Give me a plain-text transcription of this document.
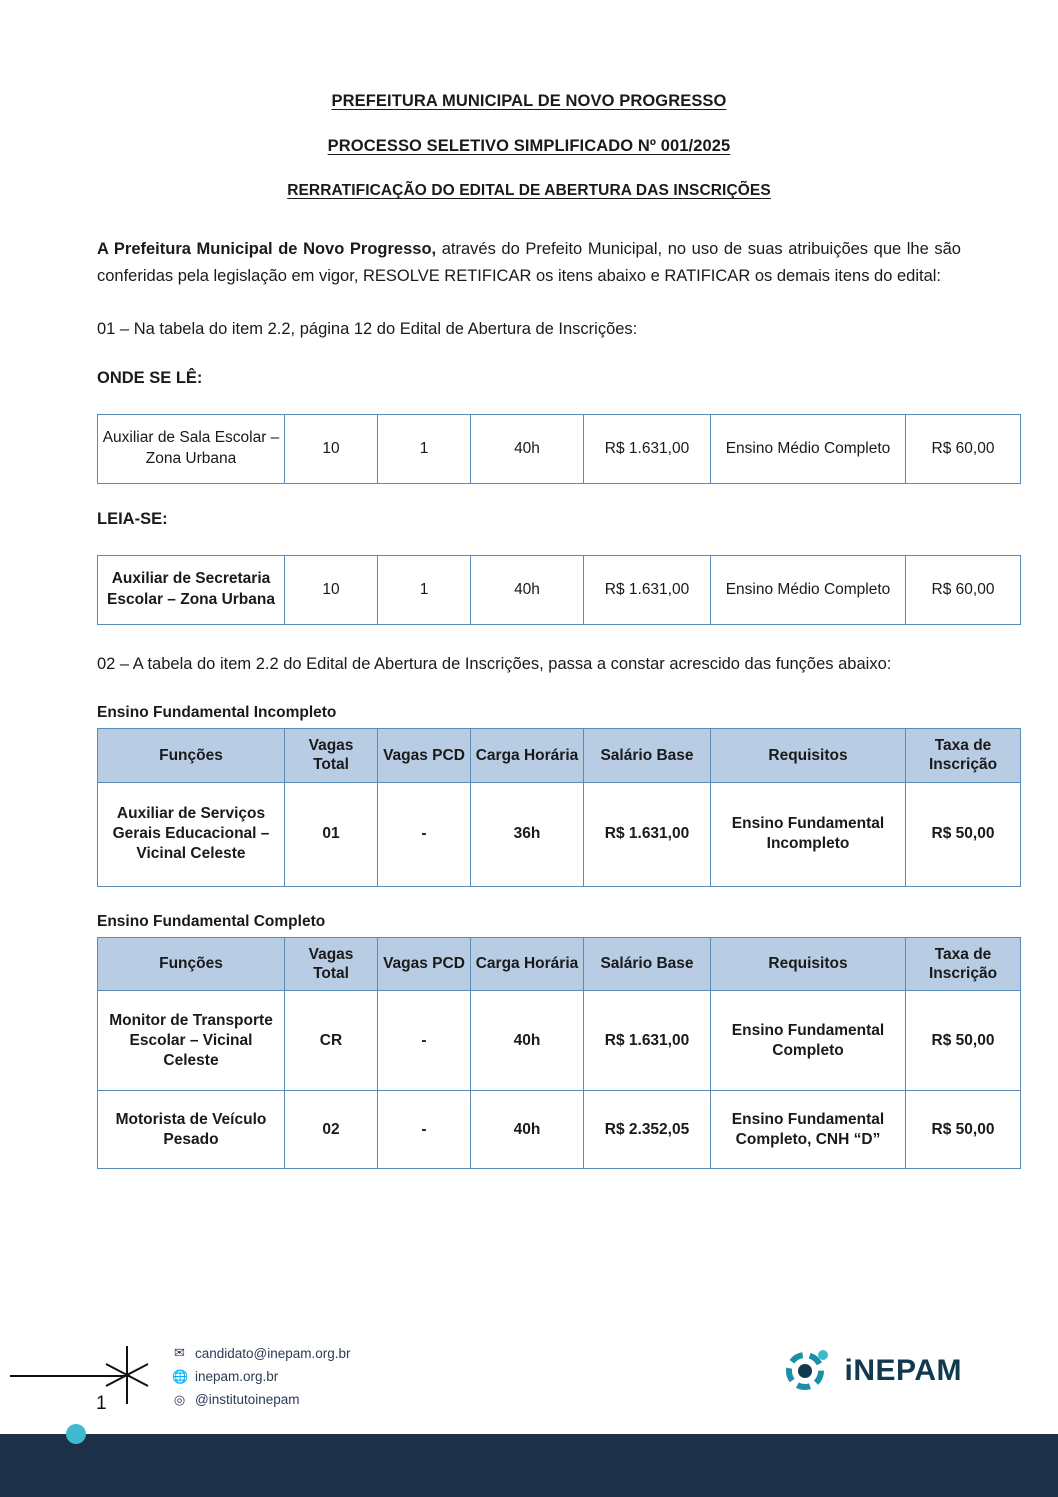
PREFEITURA MUNICIPAL DE NOVO PROGRESSO
PROCESSO SELETIVO SIMPLIFICADO Nº 001/2025
RERRATIFICAÇÃO DO EDITAL DE ABERTURA DAS INSCRIÇÕES

A Prefeitura Municipal de Novo Progresso, através do Prefeito Municipal, no uso de suas atribuições que lhe são conferidas pela legislação em vigor, RESOLVE RETIFICAR os itens abaixo e RATIFICAR os demais itens do edital:

01 – Na tabela do item 2.2, página 12 do Edital de Abertura de Inscrições:

ONDE SE LÊ:
Auxiliar de Sala Escolar – Zona Urbana	10	1	40h	R$ 1.631,00	Ensino Médio Completo	R$ 60,00
LEIA-SE:
Auxiliar de Secretaria Escolar – Zona Urbana	10	1	40h	R$ 1.631,00	Ensino Médio Completo	R$ 60,00

02 – A tabela do item 2.2 do Edital de Abertura de Inscrições, passa a constar acrescido das funções abaixo:

Ensino Fundamental Incompleto
Funções	Vagas Total	Vagas PCD	Carga Horária	Salário Base	Requisitos	Taxa de Inscrição
Auxiliar de Serviços Gerais Educacional – Vicinal Celeste	01	-	36h	R$ 1.631,00	Ensino Fundamental Incompleto	R$ 50,00
Ensino Fundamental Completo
Funções	Vagas Total	Vagas PCD	Carga Horária	Salário Base	Requisitos	Taxa de Inscrição
Monitor de Transporte Escolar – Vicinal Celeste	CR	-	40h	R$ 1.631,00	Ensino Fundamental Completo	R$ 50,00
Motorista de Veículo Pesado	02	-	40h	R$ 2.352,05	Ensino Fundamental Completo, CNH “D”	R$ 50,00
1
✉ candidato@inepam.org.br
🌐 inepam.org.br
◎ @institutoinepam
iNEPAM
